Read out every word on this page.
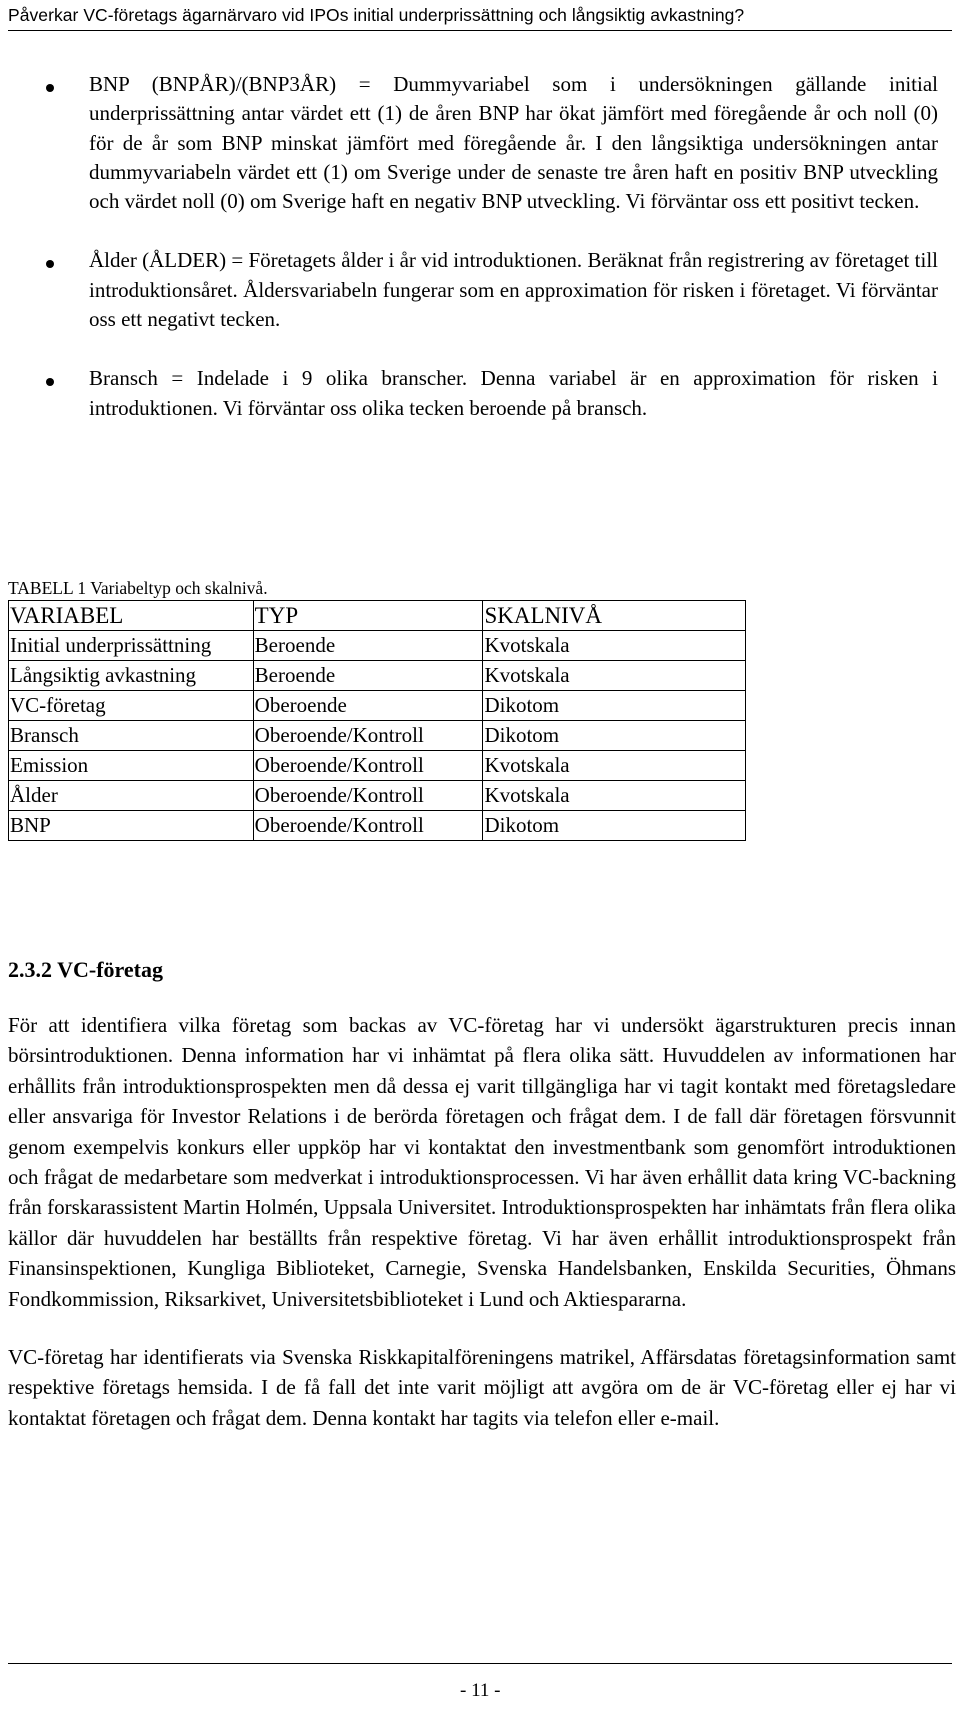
Påverkar VC-företags ägarnärvaro vid IPOs initial underprissättning och långsiktig avkastning?

BNP (BNPÅR)/(BNP3ÅR) = Dummyvariabel som i undersökningen gällande initial underprissättning antar värdet ett (1) de åren BNP har ökat jämfört med föregående år och noll (0) för de år som BNP minskat jämfört med föregående år. I den långsiktiga undersökningen antar dummyvariabeln värdet ett (1) om Sverige under de senaste tre åren haft en positiv BNP utveckling och värdet noll (0) om Sverige haft en negativ BNP utveckling. Vi förväntar oss ett positivt tecken.

Ålder (ÅLDER) = Företagets ålder i år vid introduktionen. Beräknat från registrering av företaget till introduktionsåret. Åldersvariabeln fungerar som en approximation för risken i företaget. Vi förväntar oss ett negativt tecken.

Bransch = Indelade i 9 olika branscher. Denna variabel är en approximation för risken i introduktionen. Vi förväntar oss olika tecken beroende på bransch.

TABELL 1 Variabeltyp och skalnivå.
VARIABEL	TYP	SKALNIVÅ
Initial underprissättning	Beroende	Kvotskala
Långsiktig avkastning	Beroende	Kvotskala
VC-företag	Oberoende	Dikotom
Bransch	Oberoende/Kontroll	Dikotom
Emission	Oberoende/Kontroll	Kvotskala
Ålder	Oberoende/Kontroll	Kvotskala
BNP	Oberoende/Kontroll	Dikotom
2.3.2 VC-företag

För att identifiera vilka företag som backas av VC-företag har vi undersökt ägarstrukturen precis innan börsintroduktionen. Denna information har vi inhämtat på flera olika sätt. Huvuddelen av informationen har erhållits från introduktionsprospekten men då dessa ej varit tillgängliga har vi tagit kontakt med företagsledare eller ansvariga för Investor Relations i de berörda företagen och frågat dem. I de fall där företagen försvunnit genom exempelvis konkurs eller uppköp har vi kontaktat den investmentbank som genomfört introduktionen och frågat de medarbetare som medverkat i introduktionsprocessen. Vi har även erhållit data kring VC-backning från forskarassistent Martin Holmén, Uppsala Universitet. Introduktionsprospekten har inhämtats från flera olika källor där huvuddelen har beställts från respektive företag. Vi har även erhållit introduktionsprospekt från Finansinspektionen, Kungliga Biblioteket, Carnegie, Svenska Handelsbanken, Enskilda Securities, Öhmans Fondkommission, Riksarkivet, Universitetsbiblioteket i Lund och Aktiespararna.

VC-företag har identifierats via Svenska Riskkapitalföreningens matrikel, Affärsdatas företagsinformation samt respektive företags hemsida. I de få fall det inte varit möjligt att avgöra om de är VC-företag eller ej har vi kontaktat företagen och frågat dem. Denna kontakt har tagits via telefon eller e-mail.

- 11 -
